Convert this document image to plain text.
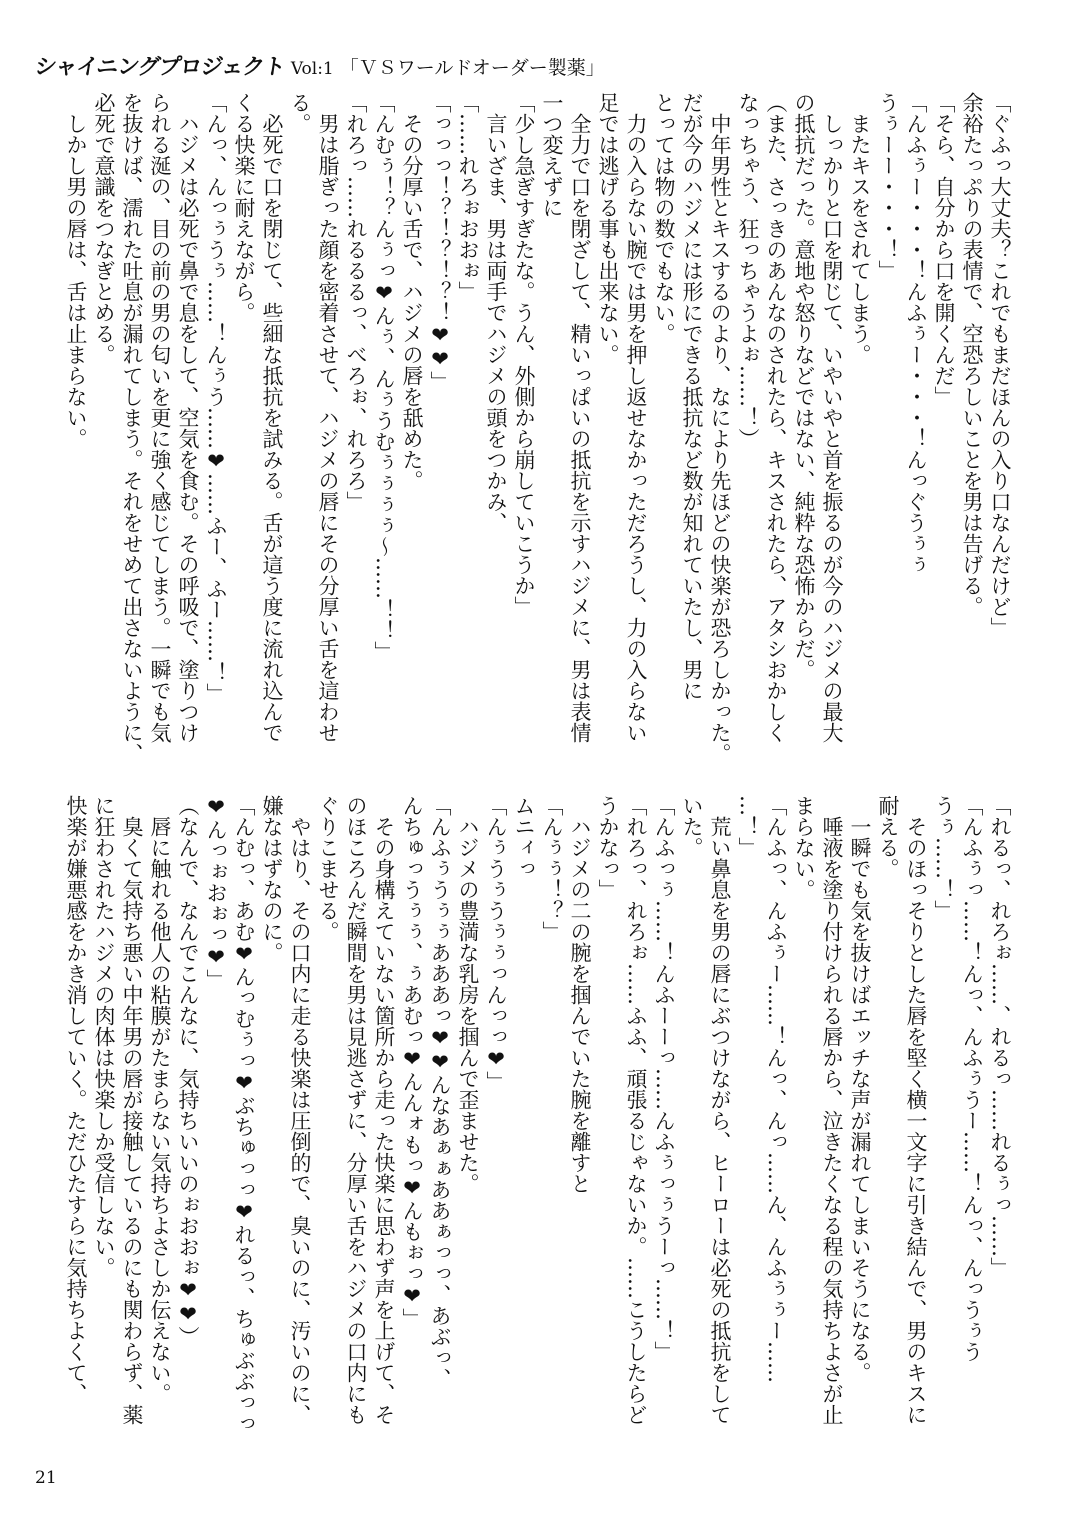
シャイニングプロジェクト Vol:1 「ＶＳワールドオーダー製薬」
「ぐふっ大丈夫？これでもまだほんの入り口なんだけど」
余裕たっぷりの表情で、空恐ろしいことを男は告げる。
「そら、自分から口を開くんだ」
「んふぅー・・・！んふぅー・・・！んっぐうぅぅ
うぅーー・・・！」
　またキスをされてしまう。
　しっかりと口を閉じて、いやいやと首を振るのが今のハジメの最大
の抵抗だった。意地や怒りなどではない、純粋な恐怖からだ。
（また、さっきのあんなのされたら、キスされたら、アタシおかしく
なっちゃう、狂っちゃうよぉ……！）
　中年男性とキスするのより、なにより先ほどの快楽が恐ろしかった。
だが今のハジメには形にできる抵抗など数が知れていたし、男に
とっては物の数でもない。
　力の入らない腕では男を押し返せなかっただろうし、力の入らない
足では逃げる事も出来ない。
　全力で口を閉ざして、精いっぱいの抵抗を示すハジメに、男は表情
一つ変えずに
「少し急ぎすぎたな。うん、外側から崩していこうか」
　言いざま、男は両手でハジメの頭をつかみ、
「……れろぉおおぉ」
「っっっ！？！？！？！❤❤」
　その分厚い舌で、ハジメの唇を舐めた。
「んむぅ！？んぅっ❤んぅ、んぅうむぅぅぅぅ～……！！」
「れろっ……れるるるっ、べろぉ、れろろ」
　男は脂ぎった顔を密着させて、ハジメの唇にその分厚い舌を這わせ
る。
　必死で口を閉じて、些細な抵抗を試みる。舌が這う度に流れ込んで
くる快楽に耐えながら。
「んっ、んっぅうぅ……！んぅう……❤……ふー、ふー……！」
　ハジメは必死で鼻で息をして、空気を食む。その呼吸で、塗りつけ
られる涎の、目の前の男の匂いを更に強く感じてしまう。一瞬でも気
を抜けば、濡れた吐息が漏れてしまう。それをせめて出さないように、
必死で意識をつなぎとめる。
　しかし男の唇は、舌は止まらない。
「れるっ、れろぉ……、れるっ……れるぅっ……」
「んふぅっ……！んっ、んふぅうー……！んっ、んっうぅう
うぅ……！」
　そのほっそりとした唇を堅く横一文字に引き結んで、男のキスに
耐える。
　一瞬でも気を抜けばエッチな声が漏れてしまいそうになる。
　唾液を塗り付けられる唇から、泣きたくなる程の気持ちよさが止
まらない。
「んふっ、んふぅー……！んっ、んっ……ん、んふぅぅー……
…！」
　荒い鼻息を男の唇にぶつけながら、ヒーローは必死の抵抗をして
いた。
「んふっぅ……！んふーーっ……んふぅっぅうーっ……！」
「れろっ、れろぉ……ふふ、頑張るじゃないか。……こうしたらど
うかなっ」
　ハジメの二の腕を掴んでいた腕を離すと
「んぅぅ！？」
ムニィっ
「んぅうぅうぅぅっんっっ❤」
　ハジメの豊満な乳房を掴んで歪ませた。
「んふぅうぅぅあああっ❤❤んなあぁぁああぁっっ、あぶっ、
んちゅっうぅぅ、ぅあむっ❤んんォもっ❤んもぉっ❤」
　その身構えていない箇所から走った快楽に思わず声を上げて、そ
のほころんだ瞬間を男は見逃さずに、分厚い舌をハジメの口内にも
ぐりこませる。
　やはり、その口内に走る快楽は圧倒的で、臭いのに、汚いのに、
嫌なはずなのに。
「んむっ、あむ❤んっむぅっ❤ぶちゅっっ❤れるっ、ちゅぶぶっっ
❤んっぉおぉっ❤」
（なんで、なんでこんなに、気持ちいいのぉおおぉ❤❤）
　唇に触れる他人の粘膜がたまらない気持ちよさしか伝えない。
　臭くて気持ち悪い中年男の唇が接触しているのにも関わらず、薬
に狂わされたハジメの肉体は快楽しか受信しない。
快楽が嫌悪感をかき消していく。ただひたすらに気持ちよくて、
21
